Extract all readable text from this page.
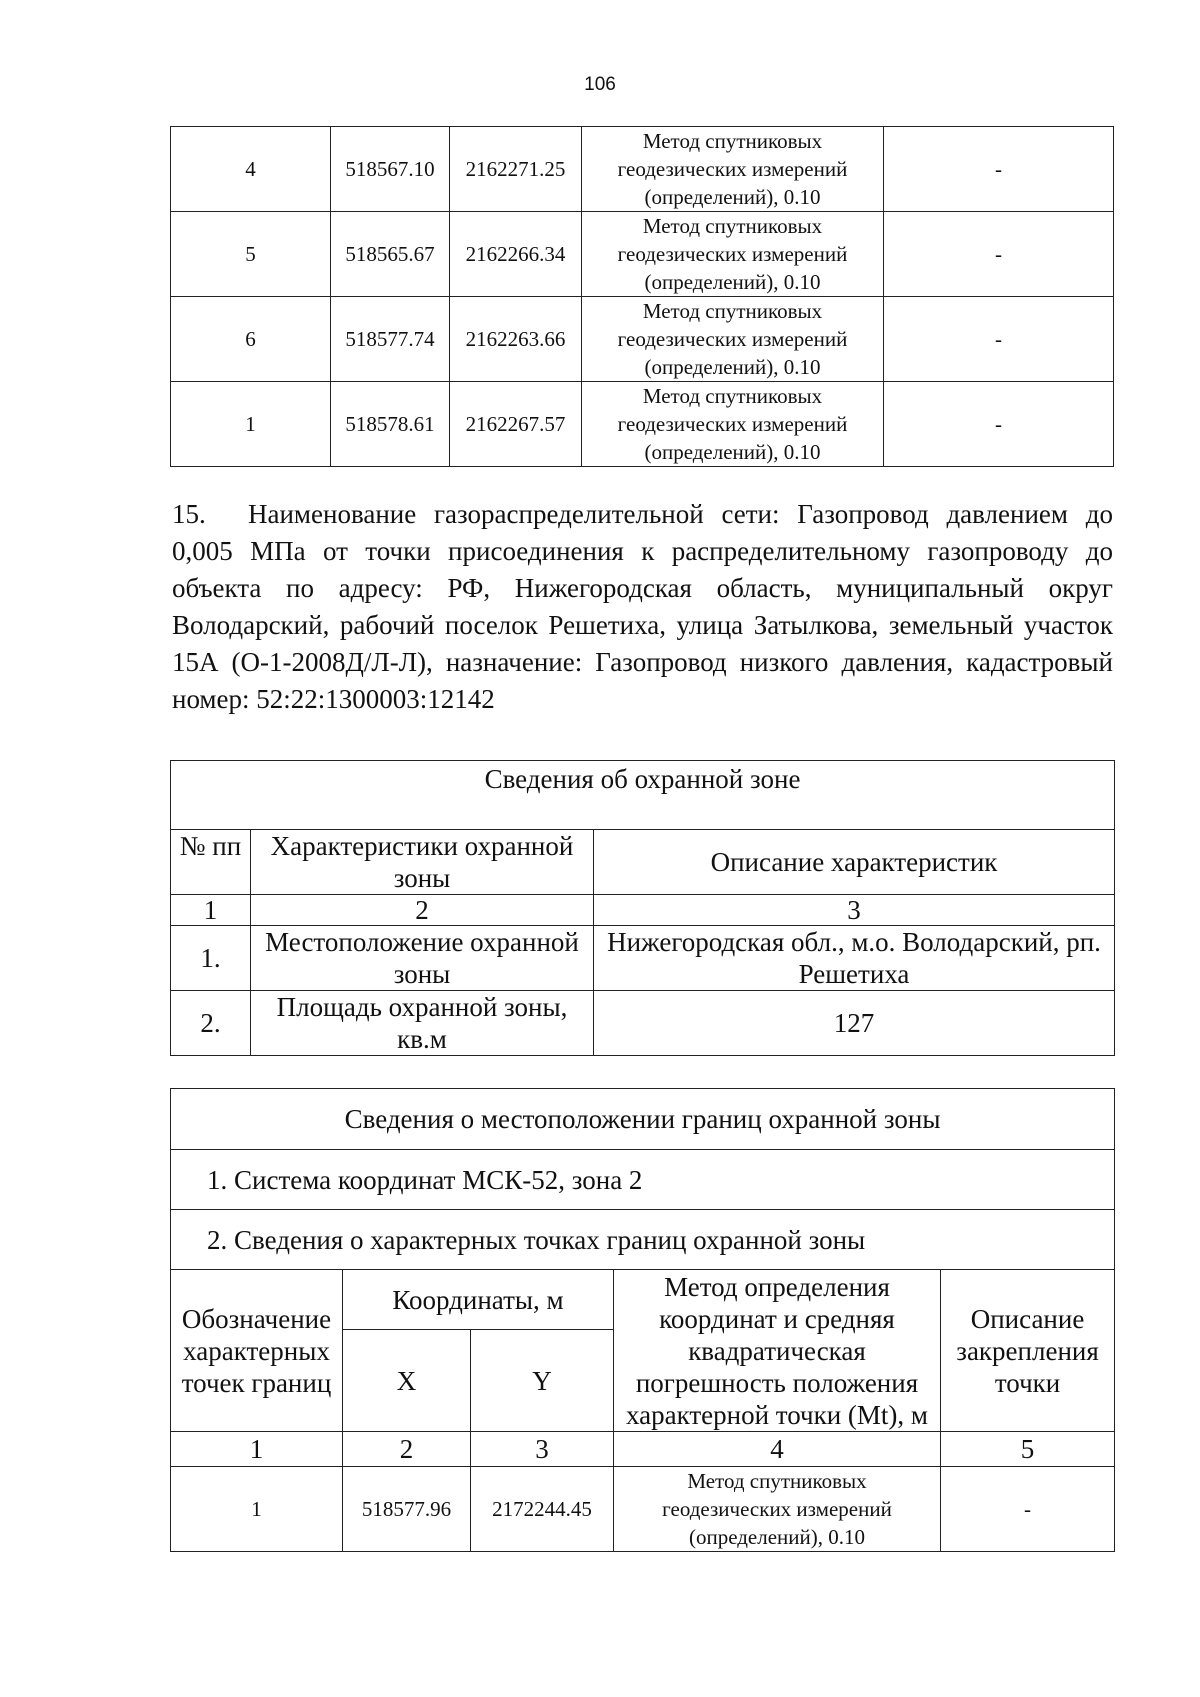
106
4	518567.10	2162271.25	Метод спутниковых
геодезических измерений
(определений), 0.10	-
5	518565.67	2162266.34	Метод спутниковых
геодезических измерений
(определений), 0.10	-
6	518577.74	2162263.66	Метод спутниковых
геодезических измерений
(определений), 0.10	-
1	518578.61	2162267.57	Метод спутниковых
геодезических измерений
(определений), 0.10	-
15. Наименование газораспределительной сети: Газопровод давлением до 0,005 МПа от точки присоединения к распределительному газопроводу до объекта по адресу: РФ, Нижегородская область, муниципальный округ Володарский, рабочий поселок Решетиха, улица Затылкова, земельный участок 15А (О-1-2008Д/Л-Л), назначение: Газопровод низкого давления, кадастровый номер: 52:22:1300003:12142
Сведения об охранной зоне		
№ пп	Характеристики охранной зоны	Описание характеристик
1	2	3
1.	Местоположение охранной зоны	Нижегородская обл., м.о. Володарский, рп. Решетиха
2.	Площадь охранной зоны, кв.м	127
Сведения о местоположении границ охранной зоны				
1. Система координат МСК-52, зона 2				
2. Сведения о характерных точках границ охранной зоны				
Обозначение характерных точек границ	Координаты, м		Метод определения координат и средняя квадратическая погрешность положения характерной точки (Mt), м	Описание закрепления точки
	X	Y		
1	2	3	4	5
1	518577.96	2172244.45	Метод спутниковых
геодезических измерений
(определений), 0.10	-
